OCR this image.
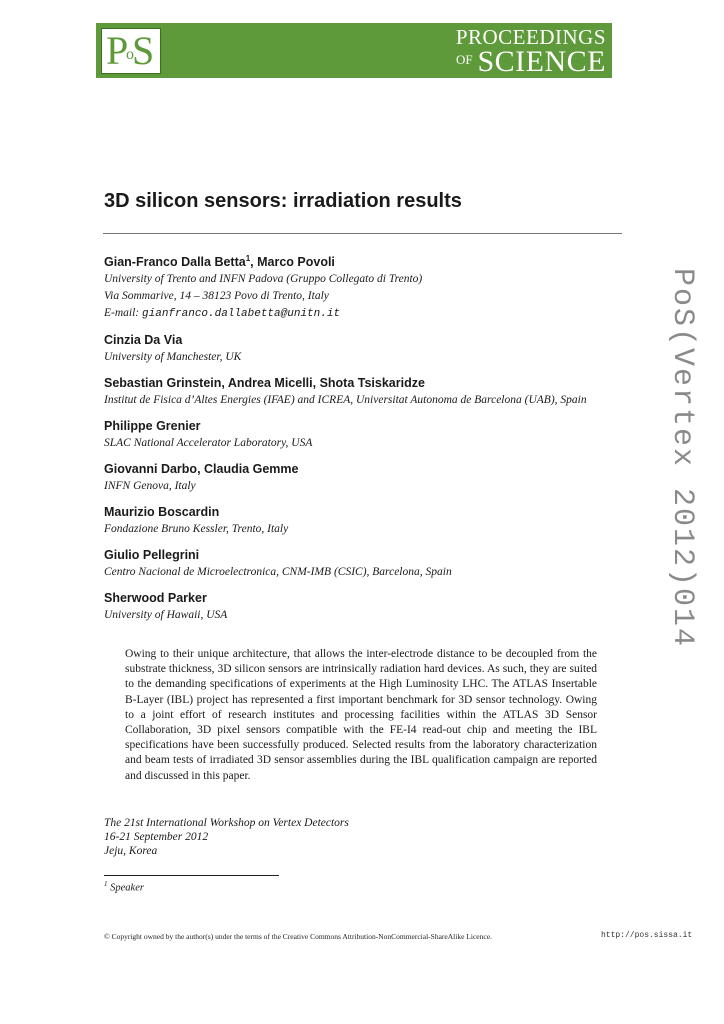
P
o
S	PROCEEDINGS
OF SCIENCE
3D silicon sensors: irradiation results
Gian-Franco Dalla Betta$^1$, Marco Povoli
University of Trento and INFN Padova (Gruppo Collegato di Trento)
Via Sommarive, 14 – 38123 Povo di Trento, Italy
E-mail: gianfranco.dallabetta@unitn.it
Cinzia Da Via
University of Manchester, UK
Sebastian Grinstein, Andrea Micelli, Shota Tsiskaridze
Institut de Fisica d’Altes Energies (IFAE) and ICREA, Universitat Autonoma de Barcelona (UAB), Spain
Philippe Grenier
SLAC National Accelerator Laboratory, USA
Giovanni Darbo, Claudia Gemme
INFN Genova, Italy
Maurizio Boscardin
Fondazione Bruno Kessler, Trento, Italy
Giulio Pellegrini
Centro Nacional de Microelectronica, CNM-IMB (CSIC), Barcelona, Spain
Sherwood Parker
University of Hawaii, USA
Owing to their unique architecture, that allows the inter-electrode distance to be decoupled from the substrate thickness, 3D silicon sensors are intrinsically radiation hard devices. As such, they are suited to the demanding specifications of experiments at the High Luminosity LHC. The ATLAS Insertable B-Layer (IBL) project has represented a first important benchmark for 3D sensor technology. Owing to a joint effort of research institutes and processing facilities within the ATLAS 3D Sensor Collaboration, 3D pixel sensors compatible with the FE-I4 read-out chip and meeting the IBL specifications have been successfully produced. Selected results from the laboratory characterization and beam tests of irradiated 3D sensor assemblies during the IBL qualification campaign are reported and discussed in this paper.
The 21st International Workshop on Vertex Detectors
16-21 September 2012
Jeju, Korea
$^1$ Speaker
© Copyright owned by the author(s) under the terms of the Creative Commons Attribution-NonCommercial-ShareAlike Licence.	http://pos.sissa.it
PoS(Vertex 2012)014
